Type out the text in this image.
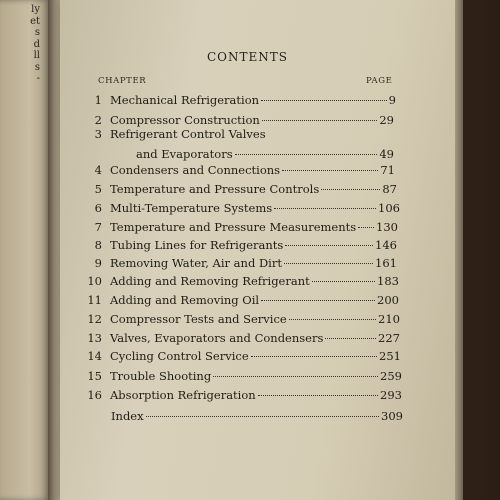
ly
et
s
d
ll
s
-
CONTENTS
CHAPTER	PAGE
1 Mechanical Refrigeration	9
2 Compressor Construction	29
3 Refrigerant Control Valves
and Evaporators	49
4 Condensers and Connections	71
5 Temperature and Pressure Controls	87
6 Multi-Temperature Systems	106
7 Temperature and Pressure Measurements 130
8 Tubing Lines for Refrigerants	146
9 Removing Water, Air and Dirt	161
10 Adding and Removing Refrigerant	183
11 Adding and Removing Oil	200
12 Compressor Tests and Service	210
13 Valves, Evaporators and Condensers	227
14 Cycling Control Service	251
15 Trouble Shooting	259
16 Absorption Refrigeration	293
Index	309
